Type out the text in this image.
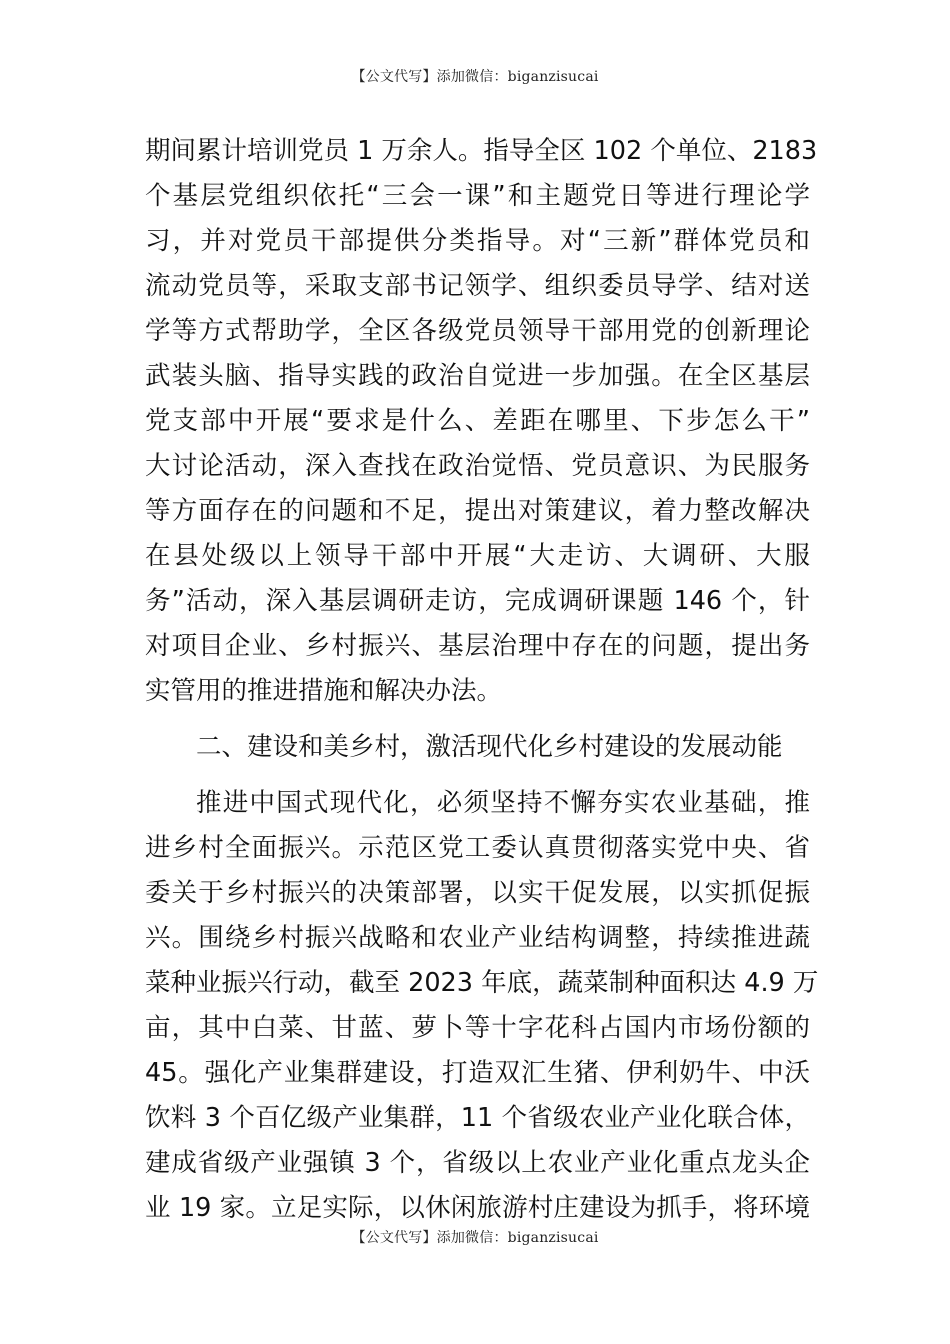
【公文代写】添加微信：biganzisucai
期间累计培训党员 1 万余人。指导全区 102 个单位、2183
个基层党组织依托“三会一课”和主题党日等进行理论学
习，并对党员干部提供分类指导。对“三新”群体党员和
流动党员等，采取支部书记领学、组织委员导学、结对送
学等方式帮助学，全区各级党员领导干部用党的创新理论
武装头脑、指导实践的政治自觉进一步加强。在全区基层
党支部中开展“要求是什么、差距在哪里、下步怎么干”
大讨论活动，深入查找在政治觉悟、党员意识、为民服务
等方面存在的问题和不足，提出对策建议，着力整改解决
在县处级以上领导干部中开展“大走访、大调研、大服
务”活动，深入基层调研走访，完成调研课题 146 个，针
对项目企业、乡村振兴、基层治理中存在的问题，提出务
实管用的推进措施和解决办法。
二、建设和美乡村，激活现代化乡村建设的发展动能
推进中国式现代化，必须坚持不懈夯实农业基础，推
进乡村全面振兴。示范区党工委认真贯彻落实党中央、省
委关于乡村振兴的决策部署，以实干促发展，以实抓促振
兴。围绕乡村振兴战略和农业产业结构调整，持续推进蔬
菜种业振兴行动，截至 2023 年底，蔬菜制种面积达 4.9 万
亩，其中白菜、甘蓝、萝卜等十字花科占国内市场份额的
45。强化产业集群建设，打造双汇生猪、伊利奶牛、中沃
饮料 3 个百亿级产业集群，11 个省级农业产业化联合体，
建成省级产业强镇 3 个，省级以上农业产业化重点龙头企
业 19 家。立足实际，以休闲旅游村庄建设为抓手，将环境
【公文代写】添加微信：biganzisucai
